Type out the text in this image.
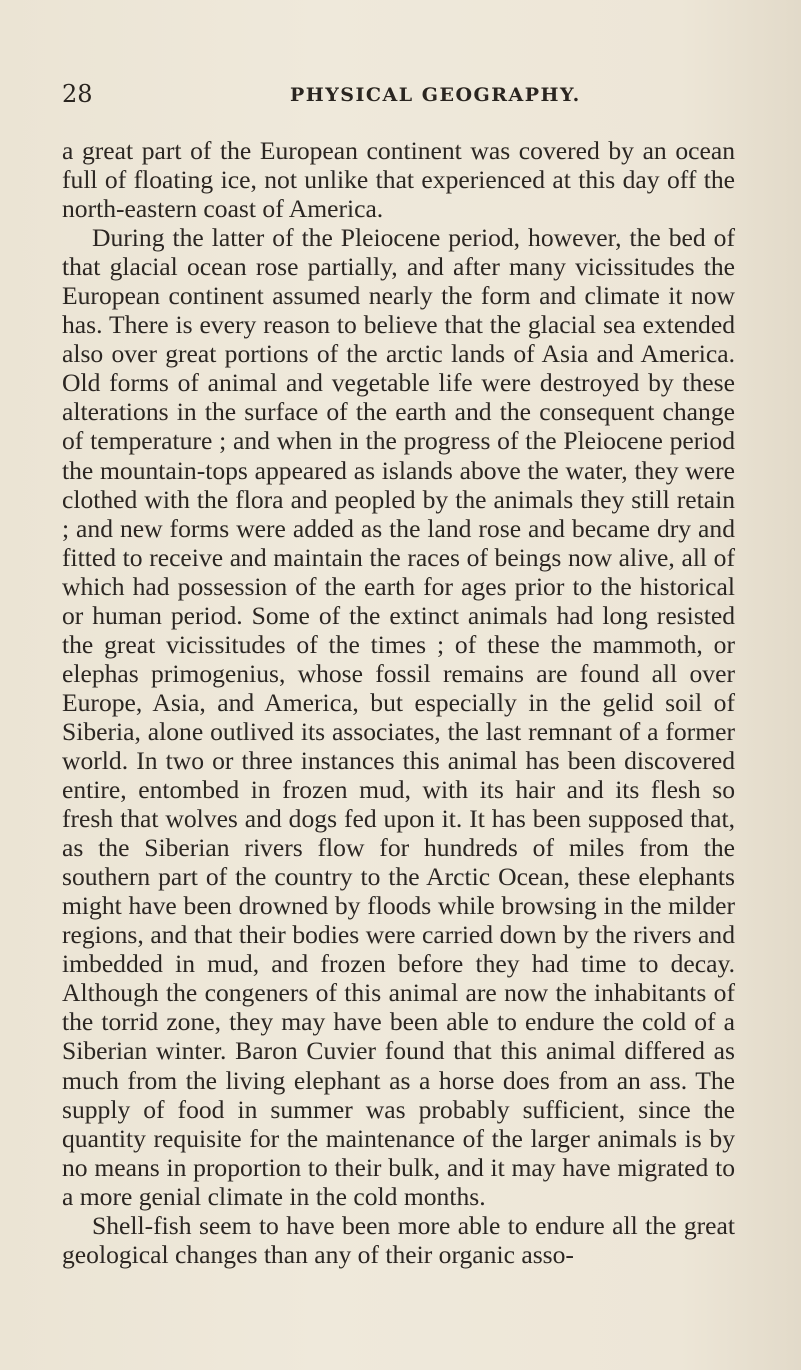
28	PHYSICAL GEOGRAPHY.

a great part of the European continent was covered by an ocean full of floating ice, not unlike that experienced at this day off the north-eastern coast of America.

During the latter of the Pleiocene period, however, the bed of that glacial ocean rose partially, and after many vicissitudes the European continent assumed nearly the form and climate it now has. There is every reason to believe that the glacial sea extended also over great portions of the arctic lands of Asia and America. Old forms of animal and vegetable life were destroyed by these alterations in the surface of the earth and the consequent change of temperature ; and when in the progress of the Pleiocene period the mountain-tops appeared as islands above the water, they were clothed with the flora and peopled by the animals they still retain ; and new forms were added as the land rose and became dry and fitted to receive and maintain the races of beings now alive, all of which had possession of the earth for ages prior to the historical or human period. Some of the extinct animals had long resisted the great vicissitudes of the times ; of these the mammoth, or elephas primogenius, whose fossil remains are found all over Europe, Asia, and America, but especially in the gelid soil of Siberia, alone outlived its associates, the last remnant of a former world. In two or three instances this animal has been discovered entire, entombed in frozen mud, with its hair and its flesh so fresh that wolves and dogs fed upon it. It has been supposed that, as the Siberian rivers flow for hundreds of miles from the southern part of the country to the Arctic Ocean, these elephants might have been drowned by floods while browsing in the milder regions, and that their bodies were carried down by the rivers and imbedded in mud, and frozen before they had time to decay. Although the congeners of this animal are now the inhabitants of the torrid zone, they may have been able to endure the cold of a Siberian winter. Baron Cuvier found that this animal differed as much from the living elephant as a horse does from an ass. The supply of food in summer was probably sufficient, since the quantity requisite for the maintenance of the larger animals is by no means in proportion to their bulk, and it may have migrated to a more genial climate in the cold months.

Shell-fish seem to have been more able to endure all the great geological changes than any of their organic asso-
